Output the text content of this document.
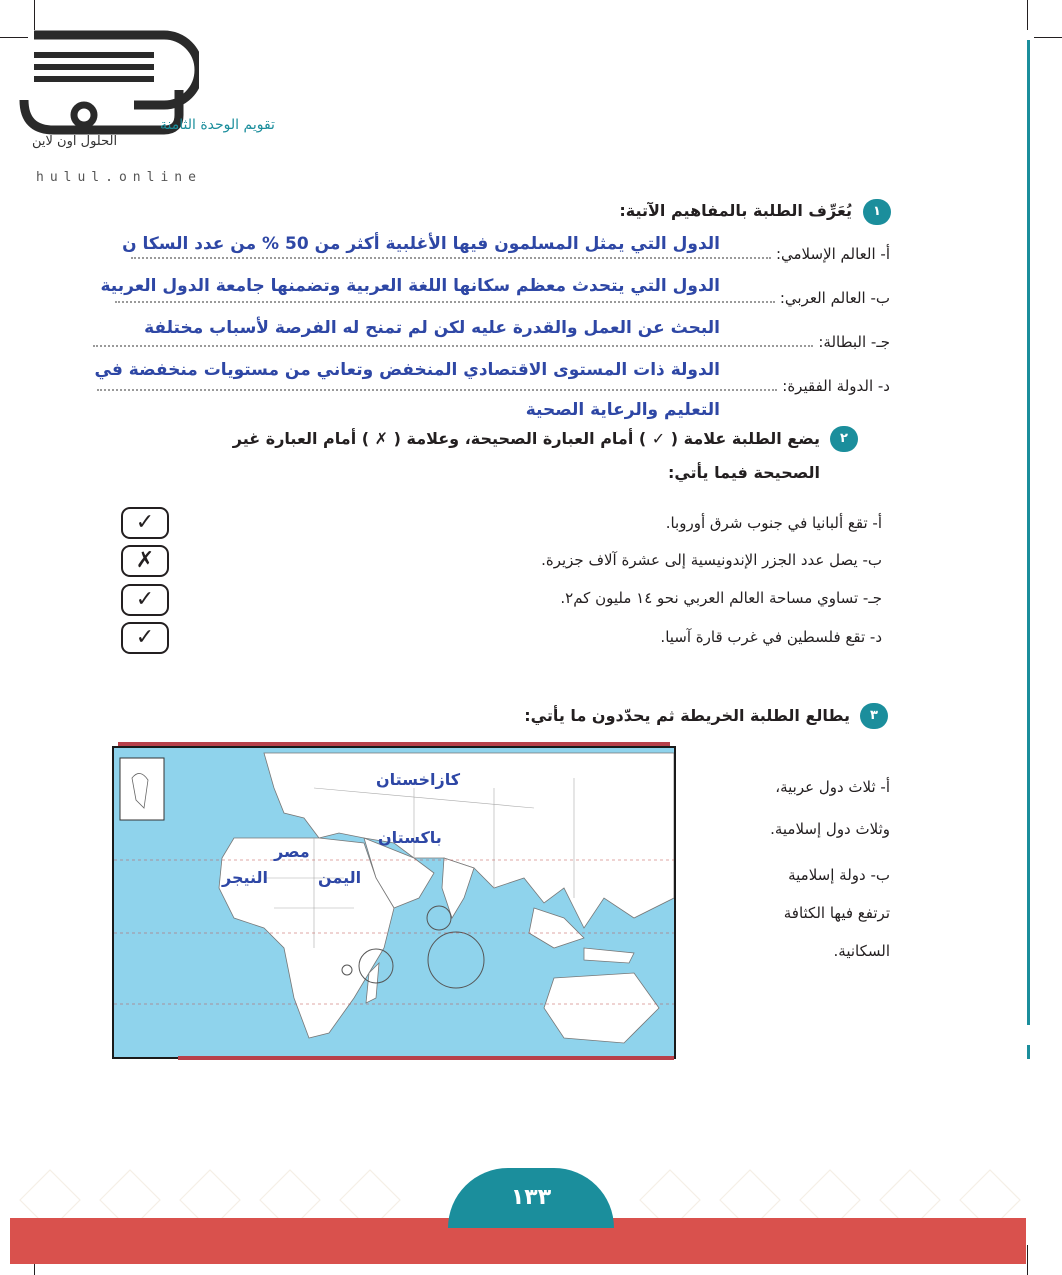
الحلول اون لاين
hulul.online
تقويم الوحدة الثامنة
١
يُعَرِّف الطلبة بالمفاهيم الآتية:
أ- العالم الإسلامي:
الدول التي يمثل المسلمون فيها الأغلبية أكثر من 50 % من عدد السكا ن
ب- العالم العربي:
الدول التي يتحدث معظم سكانها اللغة العربية وتضمنها جامعة الدول العربية
جـ- البطالة:
البحث عن العمل والقدرة عليه لكن لم تمنح له الفرصة لأسباب مختلفة
د- الدولة الفقيرة:
الدولة ذات المستوى الاقتصادي المنخفض وتعاني من مستويات منخفضة في
التعليم والرعاية الصحية
٢
يضع الطلبة علامة ( ✓ ) أمام العبارة الصحيحة، وعلامة ( ✗ ) أمام العبارة غير
الصحيحة فيما يأتي:
أ- تقع ألبانيا في جنوب شرق أوروبا.
ب- يصل عدد الجزر الإندونيسية إلى عشرة آلاف جزيرة.
جـ- تساوي مساحة العالم العربي نحو ١٤ مليون كم٢.
د- تقع فلسطين في غرب قارة آسيا.
✓
✗
✓
✓
٣
يطالع الطلبة الخريطة ثم يحدّدون ما يأتي:
كازاخستان
باكستان
مصر
اليمن
النيجر
أ- ثلاث دول عربية،
وثلاث دول إسلامية.
ب- دولة إسلامية
ترتفع فيها الكثافة
السكانية.
١٣٣
